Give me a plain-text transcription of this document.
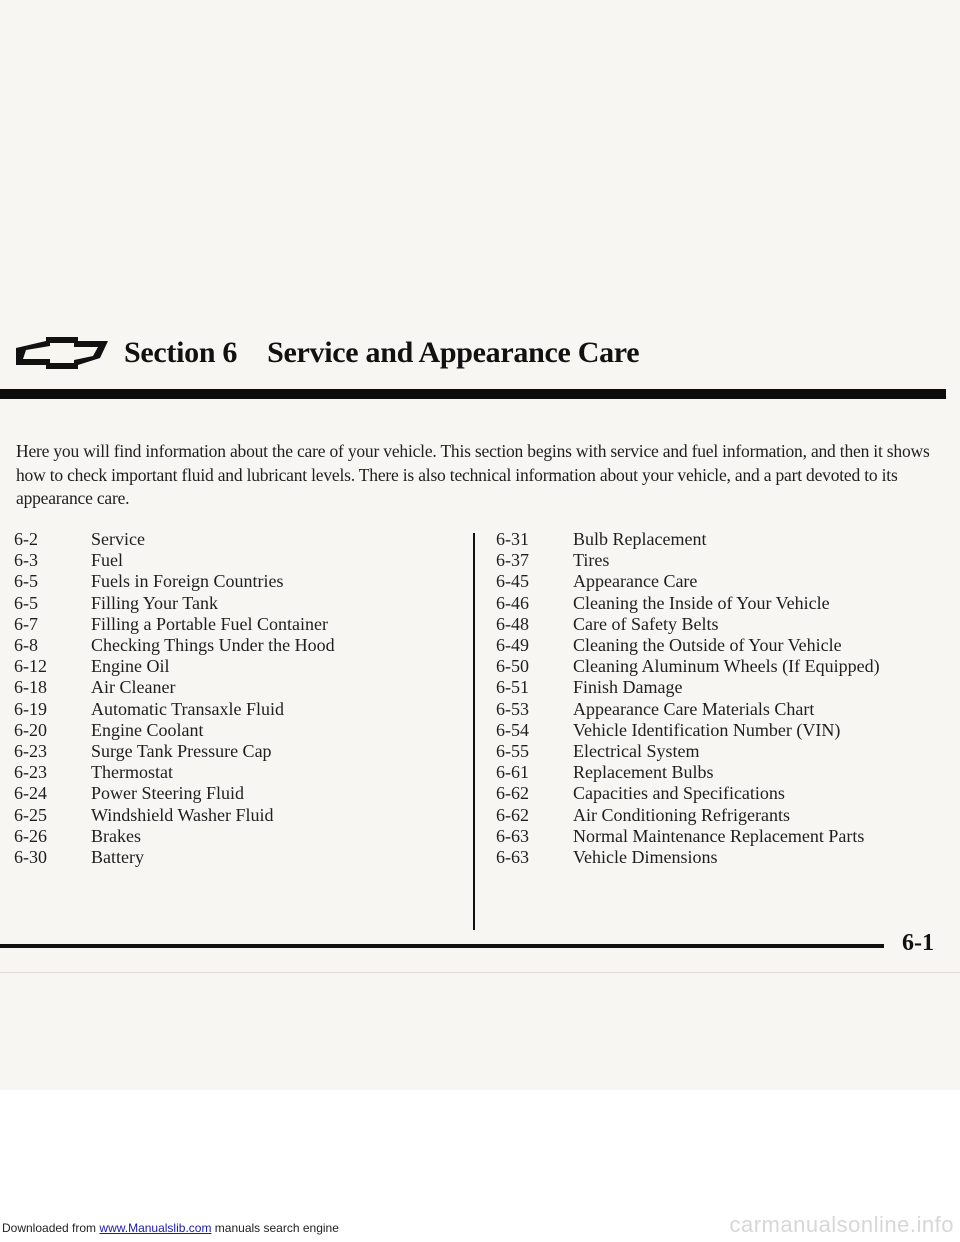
Section 6 Service and Appearance Care

Here you will find information about the care of your vehicle. This section begins with service and fuel information, and then it shows how to check important fluid and lubricant levels. There is also technical information about your vehicle, and a part devoted to its appearance care.

6-2	Service
6-3	Fuel
6-5	Fuels in Foreign Countries
6-5	Filling Your Tank
6-7	Filling a Portable Fuel Container
6-8	Checking Things Under the Hood
6-12	Engine Oil
6-18	Air Cleaner
6-19	Automatic Transaxle Fluid
6-20	Engine Coolant
6-23	Surge Tank Pressure Cap
6-23	Thermostat
6-24	Power Steering Fluid
6-25	Windshield Washer Fluid
6-26	Brakes
6-30	Battery
6-31	Bulb Replacement
6-37	Tires
6-45	Appearance Care
6-46	Cleaning the Inside of Your Vehicle
6-48	Care of Safety Belts
6-49	Cleaning the Outside of Your Vehicle
6-50	Cleaning Aluminum Wheels (If Equipped)
6-51	Finish Damage
6-53	Appearance Care Materials Chart
6-54	Vehicle Identification Number (VIN)
6-55	Electrical System
6-61	Replacement Bulbs
6-62	Capacities and Specifications
6-62	Air Conditioning Refrigerants
6-63	Normal Maintenance Replacement Parts
6-63	Vehicle Dimensions
6-1
Downloaded from www.Manualslib.com manuals search engine	carmanualsonline.info
